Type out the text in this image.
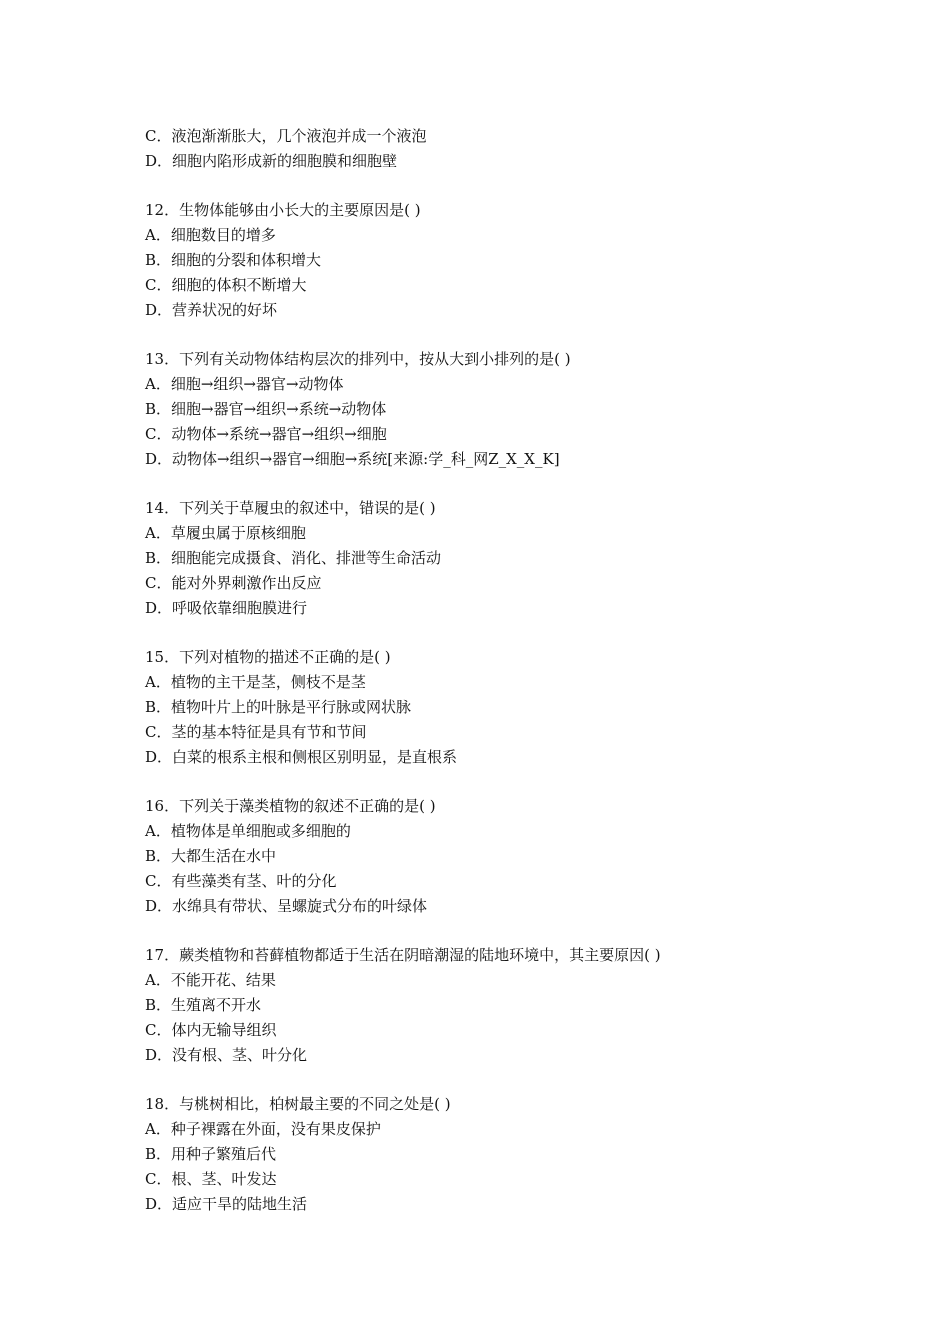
C．液泡渐渐胀大，几个液泡并成一个液泡
D．细胞内陷形成新的细胞膜和细胞壁
12．生物体能够由小长大的主要原因是( )
A．细胞数目的增多
B．细胞的分裂和体积增大
C．细胞的体积不断增大
D．营养状况的好坏
13．下列有关动物体结构层次的排列中，按从大到小排列的是( )
A．细胞→组织→器官→动物体
B．细胞→器官→组织→系统→动物体
C．动物体→系统→器官→组织→细胞
D．动物体→组织→器官→细胞→系统[来源:学_科_网Z_X_X_K]
14．下列关于草履虫的叙述中，错误的是( )
A．草履虫属于原核细胞
B．细胞能完成摄食、消化、排泄等生命活动
C．能对外界刺激作出反应
D．呼吸依靠细胞膜进行
15．下列对植物的描述不正确的是( )
A．植物的主干是茎，侧枝不是茎
B．植物叶片上的叶脉是平行脉或网状脉
C．茎的基本特征是具有节和节间
D．白菜的根系主根和侧根区别明显，是直根系
16．下列关于藻类植物的叙述不正确的是( )
A．植物体是单细胞或多细胞的
B．大都生活在水中
C．有些藻类有茎、叶的分化
D．水绵具有带状、呈螺旋式分布的叶绿体
17．蕨类植物和苔藓植物都适于生活在阴暗潮湿的陆地环境中，其主要原因( )
A．不能开花、结果
B．生殖离不开水
C．体内无输导组织
D．没有根、茎、叶分化
18．与桃树相比，柏树最主要的不同之处是( )
A．种子裸露在外面，没有果皮保护
B．用种子繁殖后代
C．根、茎、叶发达
D．适应干旱的陆地生活
